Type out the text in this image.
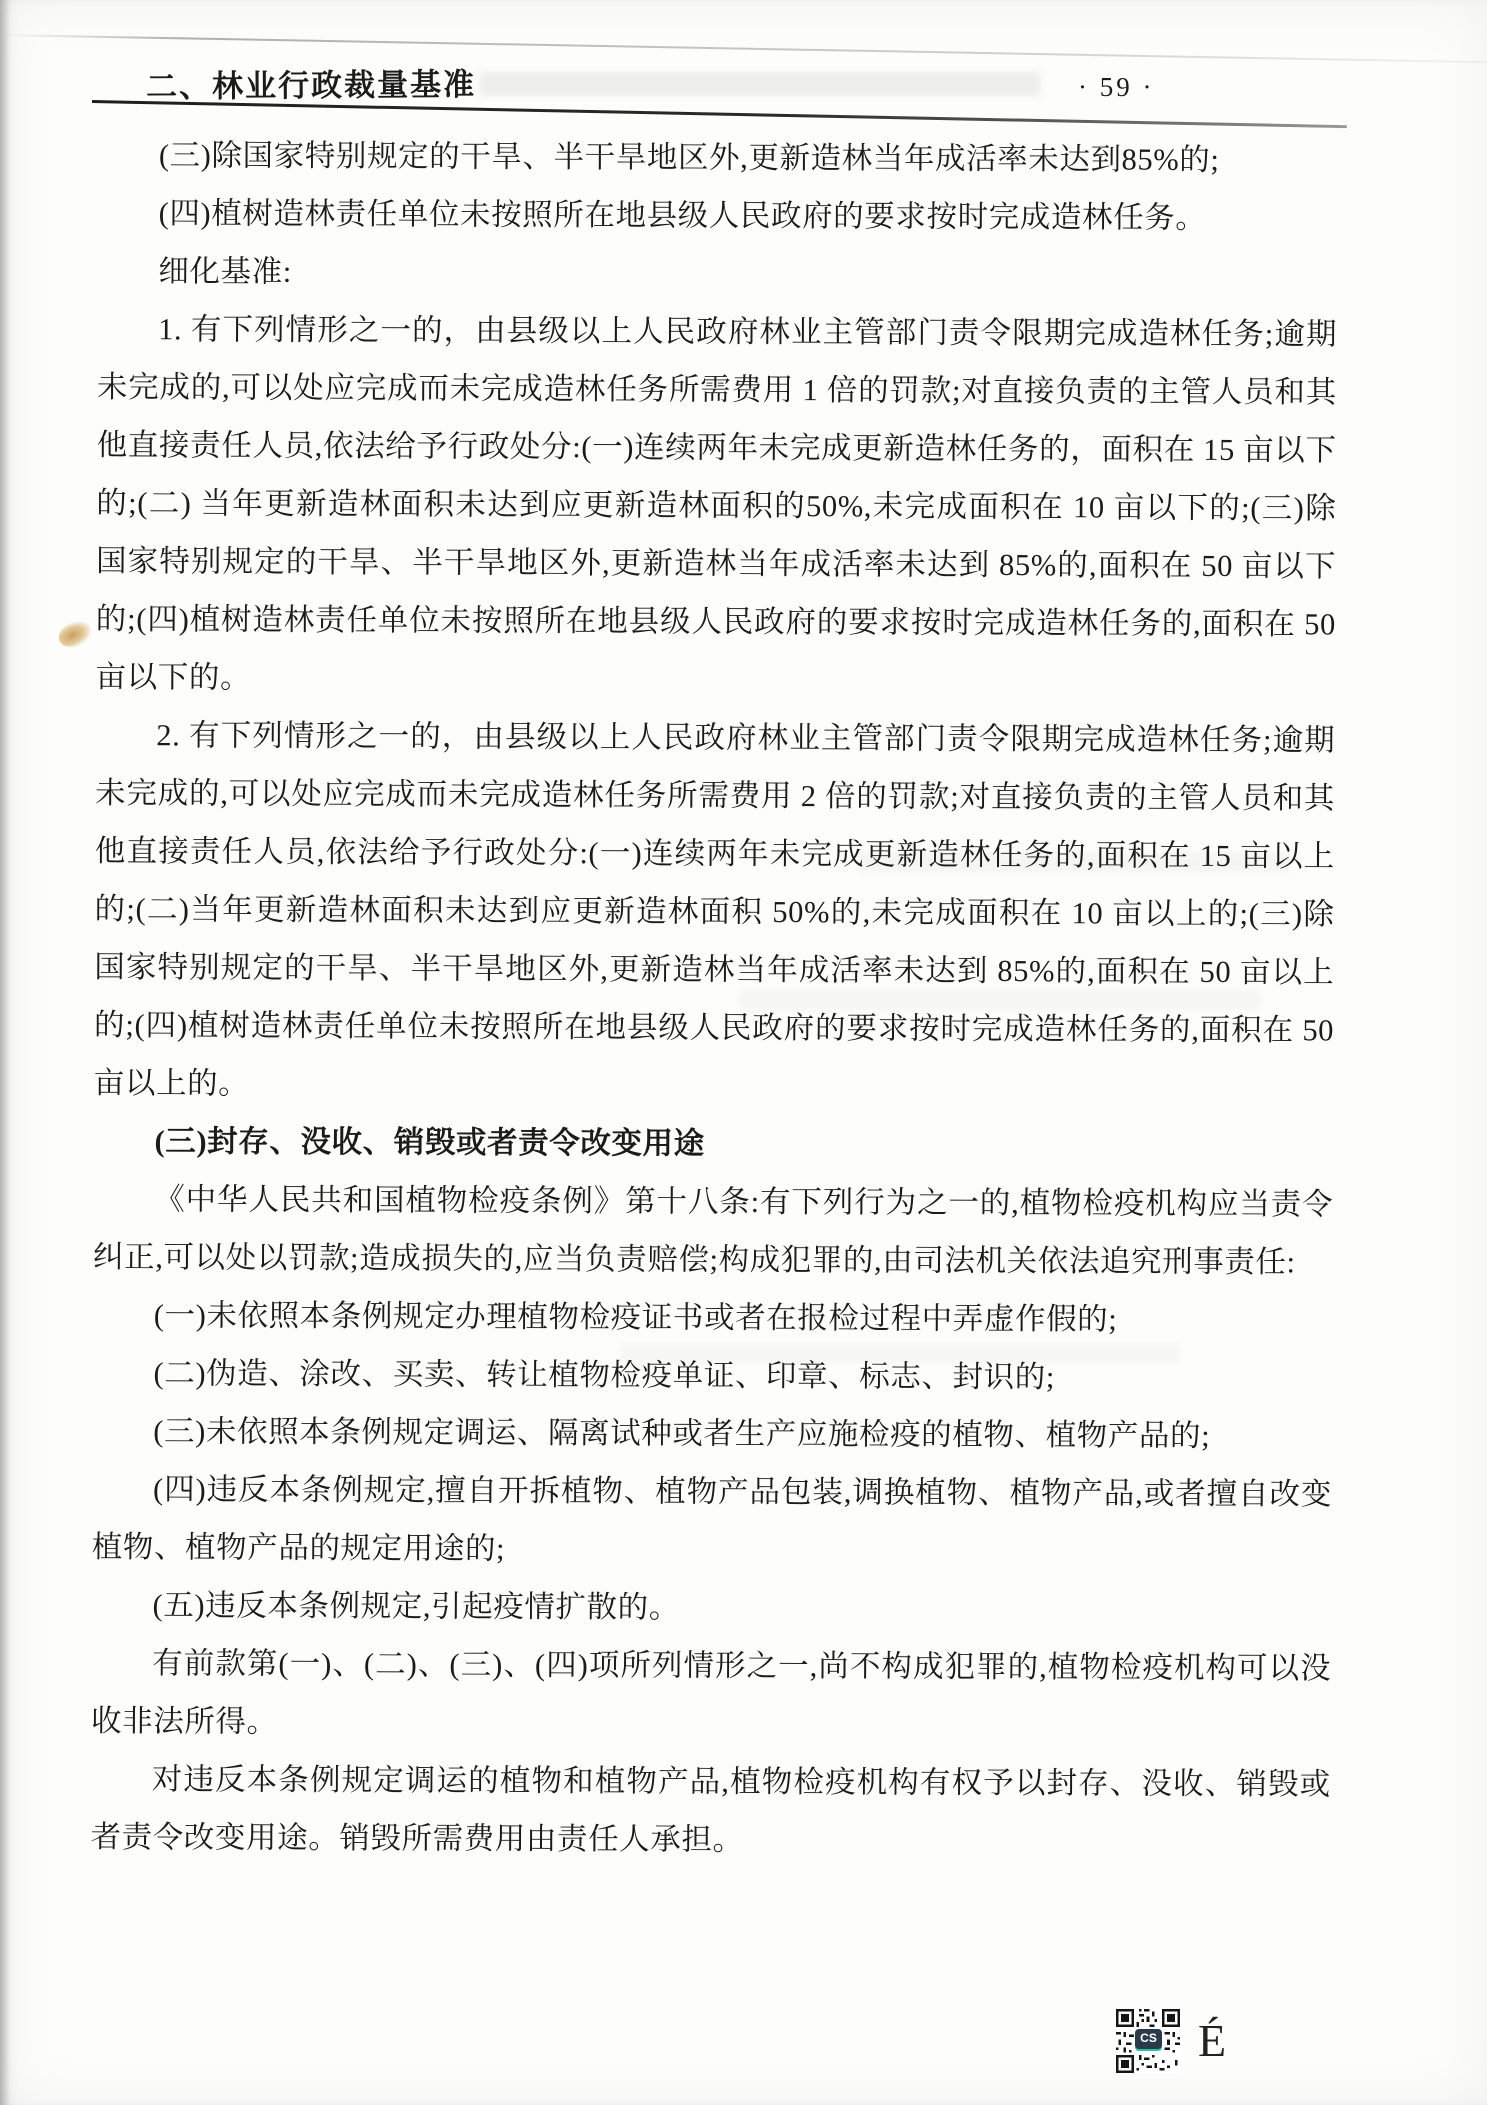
二、林业行政裁量基准	· 59 ·

(三)除国家特别规定的干旱、半干旱地区外,更新造林当年成活率未达到85%的;

(四)植树造林责任单位未按照所在地县级人民政府的要求按时完成造林任务。

细化基准:

1. 有下列情形之一的，由县级以上人民政府林业主管部门责令限期完成造林任务;逾期未完成的,可以处应完成而未完成造林任务所需费用 1 倍的罚款;对直接负责的主管人员和其他直接责任人员,依法给予行政处分:(一)连续两年未完成更新造林任务的，面积在 15 亩以下的;(二) 当年更新造林面积未达到应更新造林面积的50%,未完成面积在 10 亩以下的;(三)除国家特别规定的干旱、半干旱地区外,更新造林当年成活率未达到 85%的,面积在 50 亩以下的;(四)植树造林责任单位未按照所在地县级人民政府的要求按时完成造林任务的,面积在 50 亩以下的。

2. 有下列情形之一的，由县级以上人民政府林业主管部门责令限期完成造林任务;逾期未完成的,可以处应完成而未完成造林任务所需费用 2 倍的罚款;对直接负责的主管人员和其他直接责任人员,依法给予行政处分:(一)连续两年未完成更新造林任务的,面积在 15 亩以上的;(二)当年更新造林面积未达到应更新造林面积 50%的,未完成面积在 10 亩以上的;(三)除国家特别规定的干旱、半干旱地区外,更新造林当年成活率未达到 85%的,面积在 50 亩以上的;(四)植树造林责任单位未按照所在地县级人民政府的要求按时完成造林任务的,面积在 50 亩以上的。

(三)封存、没收、销毁或者责令改变用途

《中华人民共和国植物检疫条例》第十八条:有下列行为之一的,植物检疫机构应当责令纠正,可以处以罚款;造成损失的,应当负责赔偿;构成犯罪的,由司法机关依法追究刑事责任:

(一)未依照本条例规定办理植物检疫证书或者在报检过程中弄虚作假的;

(二)伪造、涂改、买卖、转让植物检疫单证、印章、标志、封识的;

(三)未依照本条例规定调运、隔离试种或者生产应施检疫的植物、植物产品的;

(四)违反本条例规定,擅自开拆植物、植物产品包装,调换植物、植物产品,或者擅自改变植物、植物产品的规定用途的;

(五)违反本条例规定,引起疫情扩散的。

有前款第(一)、(二)、(三)、(四)项所列情形之一,尚不构成犯罪的,植物检疫机构可以没收非法所得。

对违反本条例规定调运的植物和植物产品,植物检疫机构有权予以封存、没收、销毁或者责令改变用途。销毁所需费用由责任人承担。

CS É
